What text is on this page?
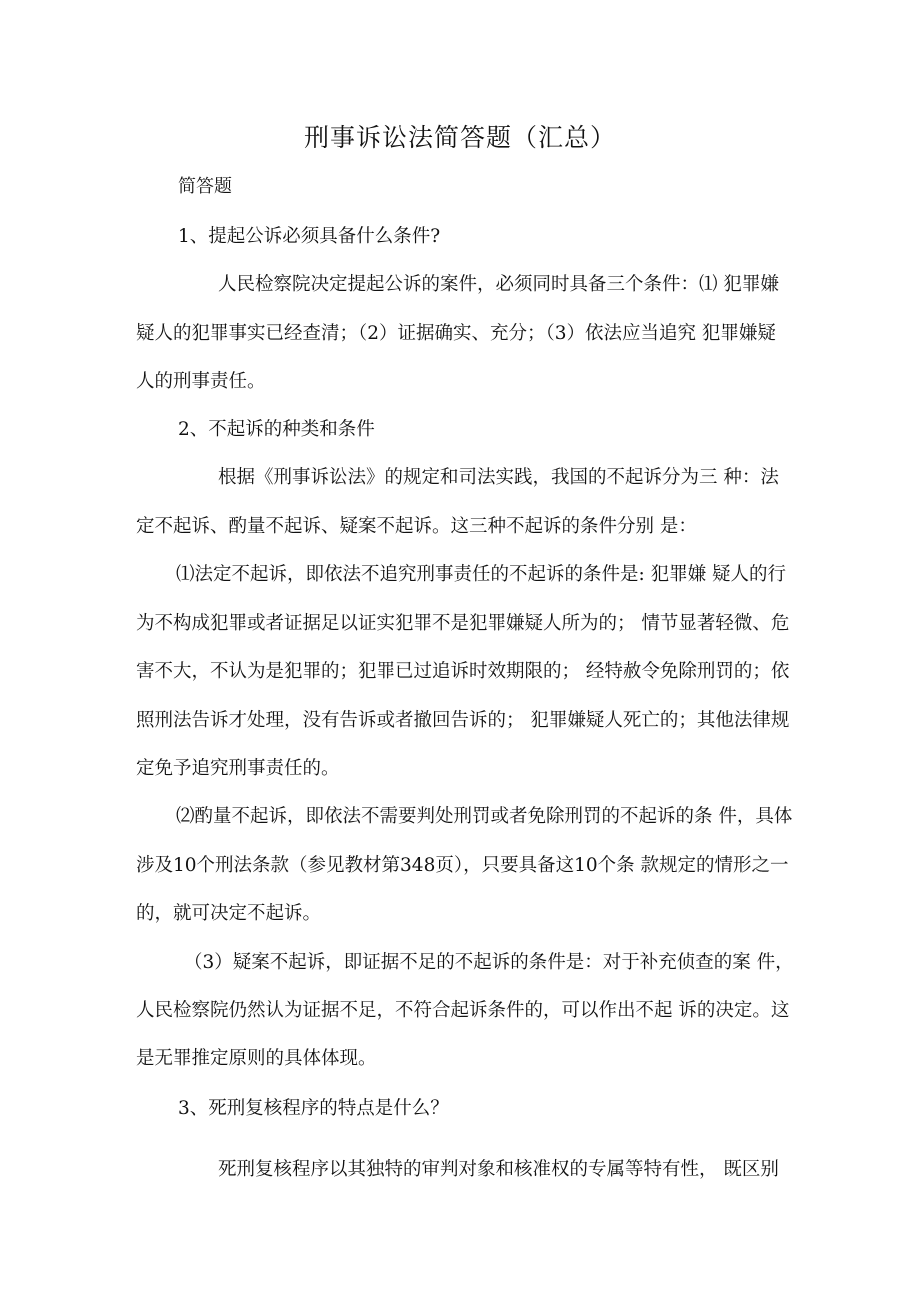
刑事诉讼法简答题（汇总）
简答题
1、提起公诉必须具备什么条件?
人民检察院决定提起公诉的案件，必须同时具备三个条件：⑴ 犯罪嫌
疑人的犯罪事实已经查清；（2）证据确实、充分；（3）依法应当追究 犯罪嫌疑
人的刑事责任。
2、不起诉的种类和条件
根据《刑事诉讼法》的规定和司法实践，我国的不起诉分为三 种：法
定不起诉、酌量不起诉、疑案不起诉。这三种不起诉的条件分别 是：
⑴法定不起诉，即依法不追究刑事责任的不起诉的条件是: 犯罪嫌 疑人的行
为不构成犯罪或者证据足以证实犯罪不是犯罪嫌疑人所为的； 情节显著轻微、危
害不大，不认为是犯罪的；犯罪已过追诉时效期限的； 经特赦令免除刑罚的；依
照刑法告诉才处理，没有告诉或者撤回告诉的； 犯罪嫌疑人死亡的；其他法律规
定免予追究刑事责任的。
⑵酌量不起诉，即依法不需要判处刑罚或者免除刑罚的不起诉的条 件，具体
涉及10个刑法条款（参见教材第348页），只要具备这10个条 款规定的情形之一
的，就可决定不起诉。
（3）疑案不起诉，即证据不足的不起诉的条件是：对于补充侦查的案 件，
人民检察院仍然认为证据不足，不符合起诉条件的，可以作出不起 诉的决定。这
是无罪推定原则的具体体现。
3、死刑复核程序的特点是什么？
死刑复核程序以其独特的审判对象和核准权的专属等特有性， 既区别
